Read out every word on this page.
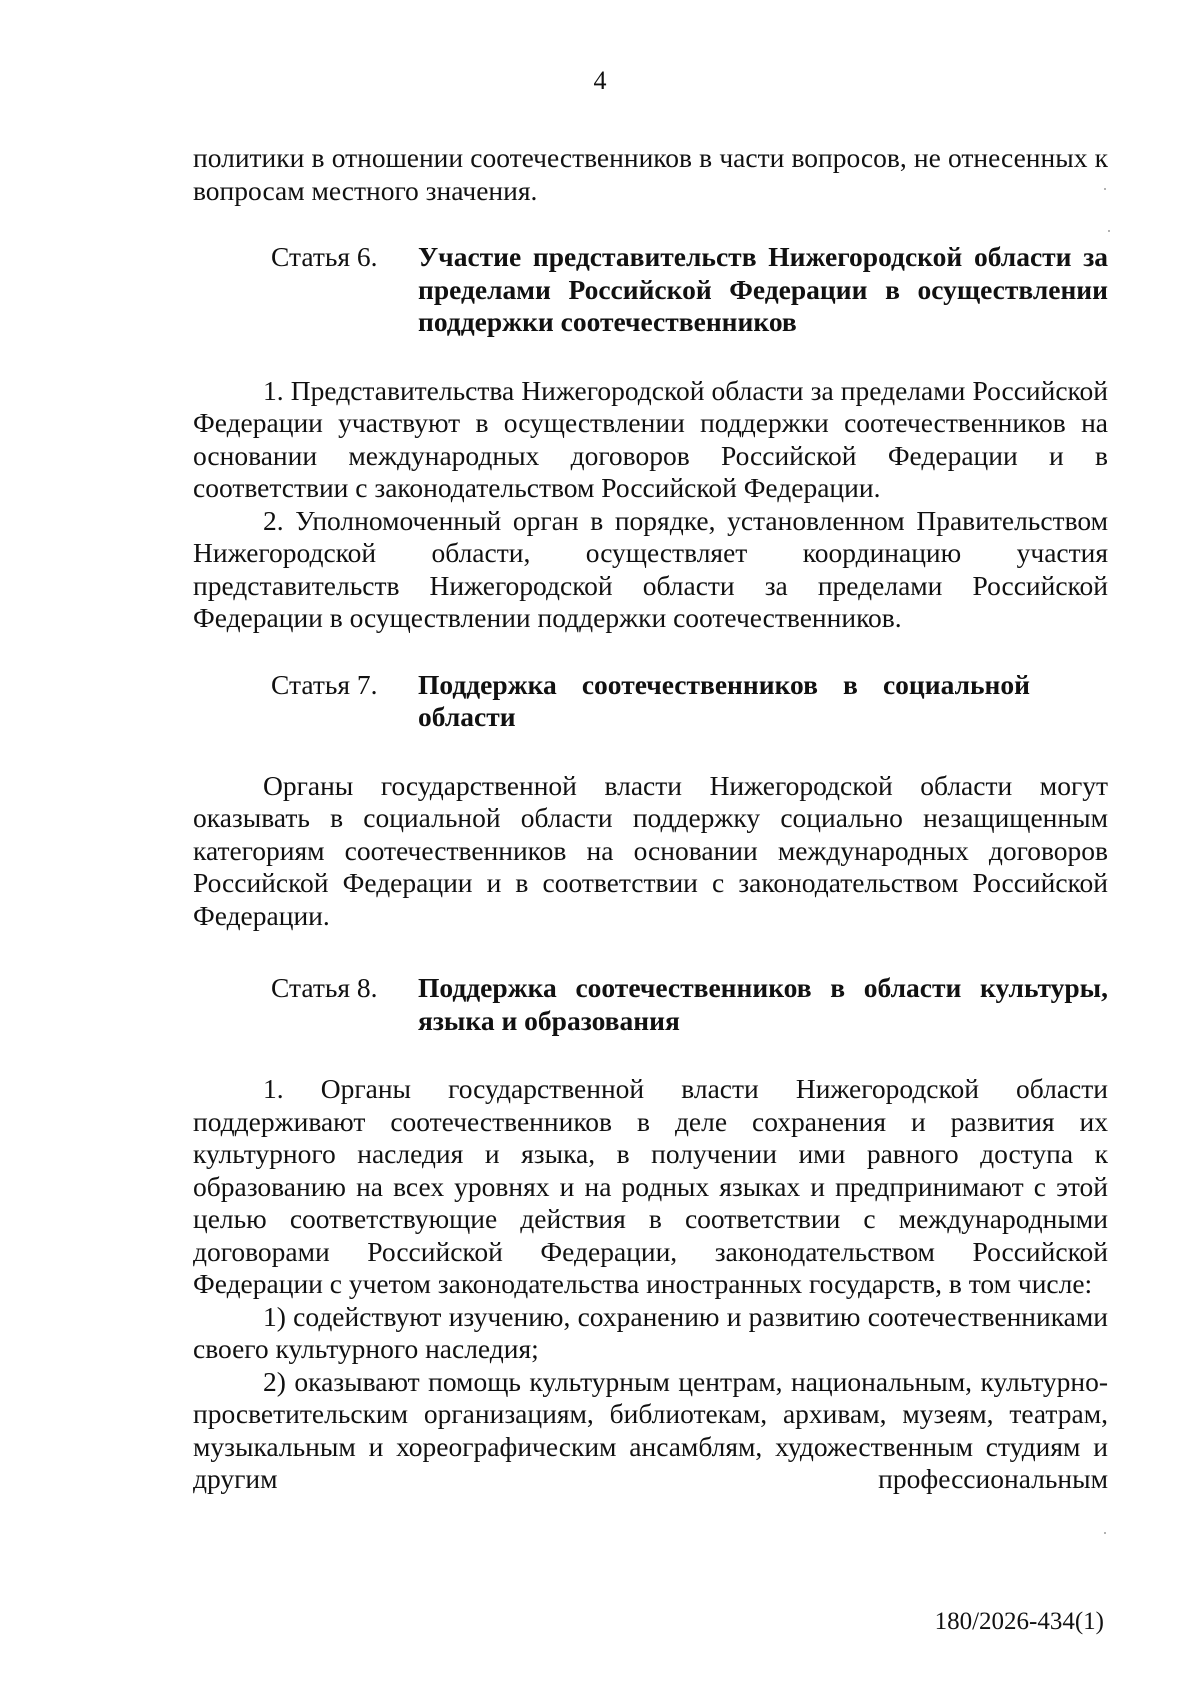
4

политики в отношении соотечественников в части вопросов, не отнесенных к вопросам местного значения.

Статья 6.	Участие представительств Нижегородской области за пределами Российской Федерации в осуществлении поддержки соотечественников

1. Представительства Нижегородской области за пределами Российской Федерации участвуют в осуществлении поддержки соотечественников на основании международных договоров Российской Федерации и в соответствии с законодательством Российской Федерации.

2. Уполномоченный орган в порядке, установленном Правительством Нижегородской области, осуществляет координацию участия представительств Нижегородской области за пределами Российской Федерации в осуществлении поддержки соотечественников.

Статья 7.	Поддержка соотечественников в социальной области

Органы государственной власти Нижегородской области могут оказывать в социальной области поддержку социально незащищенным категориям соотечественников на основании международных договоров Российской Федерации и в соответствии с законодательством Российской Федерации.

Статья 8.	Поддержка соотечественников в области культуры, языка и образования

1. Органы государственной власти Нижегородской области поддерживают соотечественников в деле сохранения и развития их культурного наследия и языка, в получении ими равного доступа к образованию на всех уровнях и на родных языках и предпринимают с этой целью соответствующие действия в соответствии с международными договорами Российской Федерации, законодательством Российской Федерации с учетом законодательства иностранных государств, в том числе:

1) содействуют изучению, сохранению и развитию соотечественниками своего культурного наследия;

2) оказывают помощь культурным центрам, национальным, культурно-просветительским организациям, библиотекам, архивам, музеям, театрам, музыкальным и хореографическим ансамблям, художественным студиям и другим профессиональным

180/2026-434(1)
